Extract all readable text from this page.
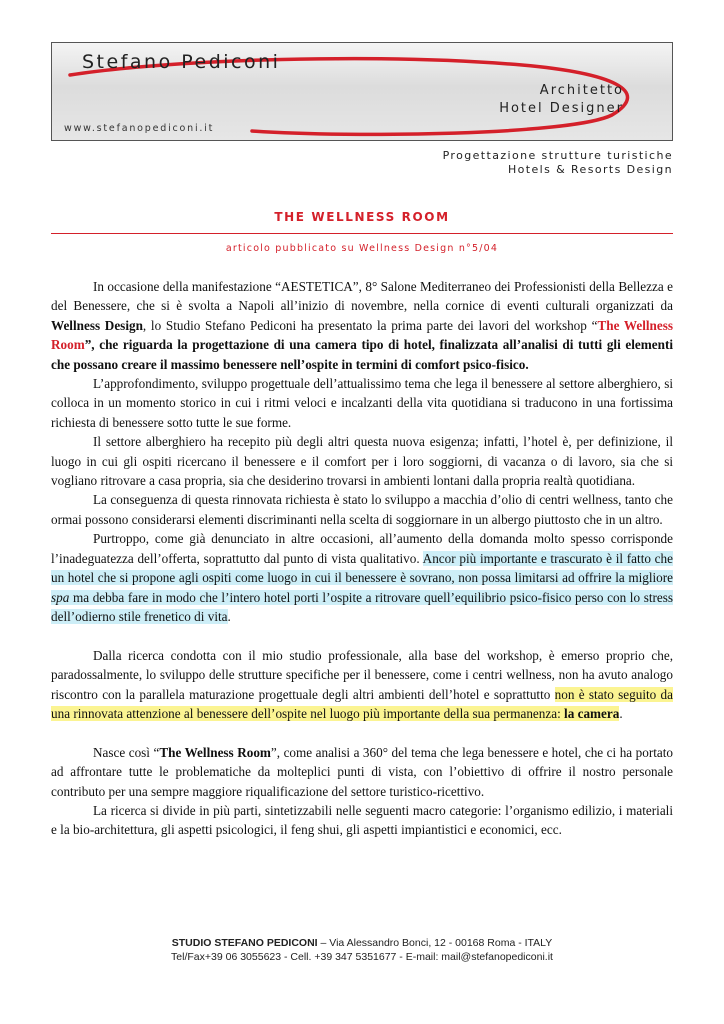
Stefano Pediconi
Architetto
Hotel Designer
www.stefanopediconi.it
Progettazione strutture turistiche
Hotels & Resorts Design
THE WELLNESS ROOM
articolo pubblicato su Wellness Design n°5/04

In occasione della manifestazione “AESTETICA”, 8° Salone Mediterraneo dei Professionisti della Bellezza e del Benessere, che si è svolta a Napoli all’inizio di novembre, nella cornice di eventi culturali organizzati da Wellness Design, lo Studio Stefano Pediconi ha presentato la prima parte dei lavori del workshop “The Wellness Room”, che riguarda la progettazione di una camera tipo di hotel, finalizzata all’analisi di tutti gli elementi che possano creare il massimo benessere nell’ospite in termini di comfort psico-fisico.

L’approfondimento, sviluppo progettuale dell’attualissimo tema che lega il benessere al settore alberghiero, si colloca in un momento storico in cui i ritmi veloci e incalzanti della vita quotidiana si traducono in una fortissima richiesta di benessere sotto tutte le sue forme.

Il settore alberghiero ha recepito più degli altri questa nuova esigenza; infatti, l’hotel è, per definizione, il luogo in cui gli ospiti ricercano il benessere e il comfort per i loro soggiorni, di vacanza o di lavoro, sia che si vogliano ritrovare a casa propria, sia che desiderino trovarsi in ambienti lontani dalla propria realtà quotidiana.

La conseguenza di questa rinnovata richiesta è stato lo sviluppo a macchia d’olio di centri wellness, tanto che ormai possono considerarsi elementi discriminanti nella scelta di soggiornare in un albergo piuttosto che in un altro.

Purtroppo, come già denunciato in altre occasioni, all’aumento della domanda molto spesso corrisponde l’inadeguatezza dell’offerta, soprattutto dal punto di vista qualitativo. Ancor più importante e trascurato è il fatto che un hotel che si propone agli ospiti come luogo in cui il benessere è sovrano, non possa limitarsi ad offrire la migliore spa ma debba fare in modo che l’intero hotel porti l’ospite a ritrovare quell’equilibrio psico-fisico perso con lo stress dell’odierno stile frenetico di vita.

Dalla ricerca condotta con il mio studio professionale, alla base del workshop, è emerso proprio che, paradossalmente, lo sviluppo delle strutture specifiche per il benessere, come i centri wellness, non ha avuto analogo riscontro con la parallela maturazione progettuale degli altri ambienti dell’hotel e soprattutto non è stato seguito da una rinnovata attenzione al benessere dell’ospite nel luogo più importante della sua permanenza: la camera.

Nasce così “The Wellness Room”, come analisi a 360° del tema che lega benessere e hotel, che ci ha portato ad affrontare tutte le problematiche da molteplici punti di vista, con l’obiettivo di offrire il nostro personale contributo per una sempre maggiore riqualificazione del settore turistico-ricettivo.

La ricerca si divide in più parti, sintetizzabili nelle seguenti macro categorie: l’organismo edilizio, i materiali e la bio-architettura, gli aspetti psicologici, il feng shui, gli aspetti impiantistici e economici, ecc.

STUDIO STEFANO PEDICONI – Via Alessandro Bonci, 12 - 00168 Roma - ITALY
Tel/Fax+39 06 3055623 - Cell. +39 347 5351677 - E-mail: mail@stefanopediconi.it
